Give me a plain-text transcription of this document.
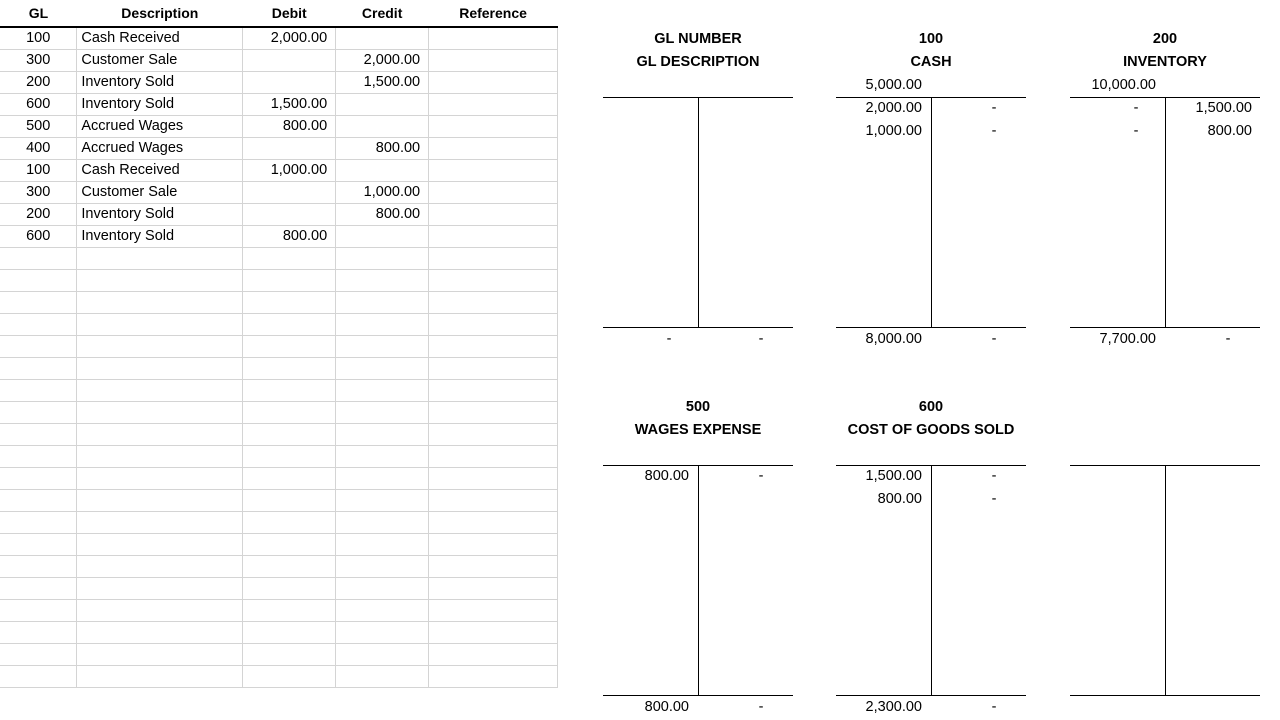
GL	Description	Debit	Credit	Reference
100	Cash Received	2,000.00		
300	Customer Sale		2,000.00	
200	Inventory Sold		1,500.00	
600	Inventory Sold	1,500.00		
500	Accrued Wages	800.00		
400	Accrued Wages		800.00	
100	Cash Received	1,000.00		
300	Customer Sale		1,000.00	
200	Inventory Sold		800.00	
600	Inventory Sold	800.00		

GL NUMBER
GL DESCRIPTION
-	-
100
CASH
5,000.00
2,000.00	-
1,000.00	-
8,000.00	-
200
INVENTORY
10,000.00
-	1,500.00
-	800.00
7,700.00	-
500
WAGES EXPENSE
800.00	-
800.00	-
600
COST OF GOODS SOLD
1,500.00	-
800.00	-
2,300.00	-
